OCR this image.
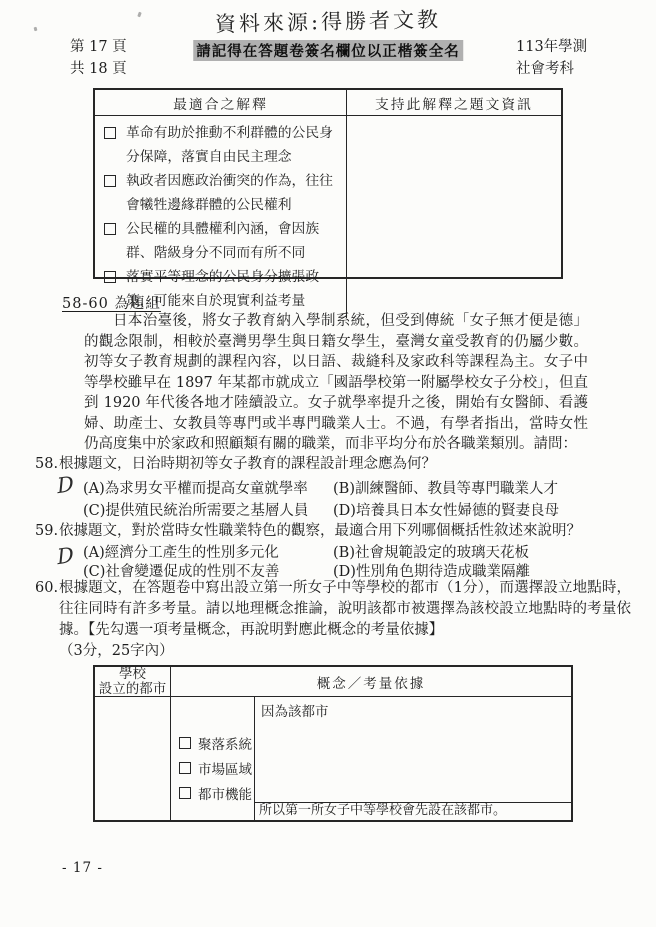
資料來源:得勝者文教
第 17 頁
共 18 頁
請記得在答題卷簽名欄位以正楷簽全名	113年學測
社會考科
最適合之解釋	支持此解釋之題文資訊
革命有助於推動不利群體的公民身分保障，落實自由民主理念
執政者因應政治衝突的作為，往往會犧牲邊緣群體的公民權利
公民權的具體權利內涵，會因族群、階級身分不同而有所不同
落實平等理念的公民身分擴張政策，可能來自於現實利益考量
58-60 為題組

日本治臺後，將女子教育納入學制系統，但受到傳統「女子無才便是德」的觀念限制，相較於臺灣男學生與日籍女學生，臺灣女童受教育的仍屬少數。初等女子教育規劃的課程內容，以日語、裁縫科及家政科等課程為主。女子中等學校雖早在 1897 年某都市就成立「國語學校第一附屬學校女子分校」，但直到 1920 年代後各地才陸續設立。女子就學率提升之後，開始有女醫師、看護婦、助產士、女教員等專門或半專門職業人士。不過，有學者指出，當時女性仍高度集中於家政和照顧類有關的職業，而非平均分布於各職業類別。請問：

58. 根據題文，日治時期初等女子教育的課程設計理念應為何？
(A)為求男女平權而提高女童就學率 (B)訓練醫師、教員等專門職業人才
(C)提供殖民統治所需要之基層人員 (D)培養具日本女性婦德的賢妻良母
D
59. 依據題文，對於當時女性職業特色的觀察，最適合用下列哪個概括性敘述來說明？
(A)經濟分工產生的性別多元化	(B)社會規範設定的玻璃天花板
(C)社會變遷促成的性別不友善	(D)性別角色期待造成職業隔離
D
60. 根據題文，在答題卷中寫出設立第一所女子中等學校的都市（1分），而選擇設立地點時，往往同時有許多考量。請以地理概念推論，說明該都市被選擇為該校設立地點時的考量依據。【先勾選一項考量概念，再說明對應此概念的考量依據】
（3分，25字內）
學校
設立的都市	概念／考量依據
聚落系統
市場區域
都市機能
因為該都市
所以第一所女子中等學校會先設在該都市。
- 17 -
